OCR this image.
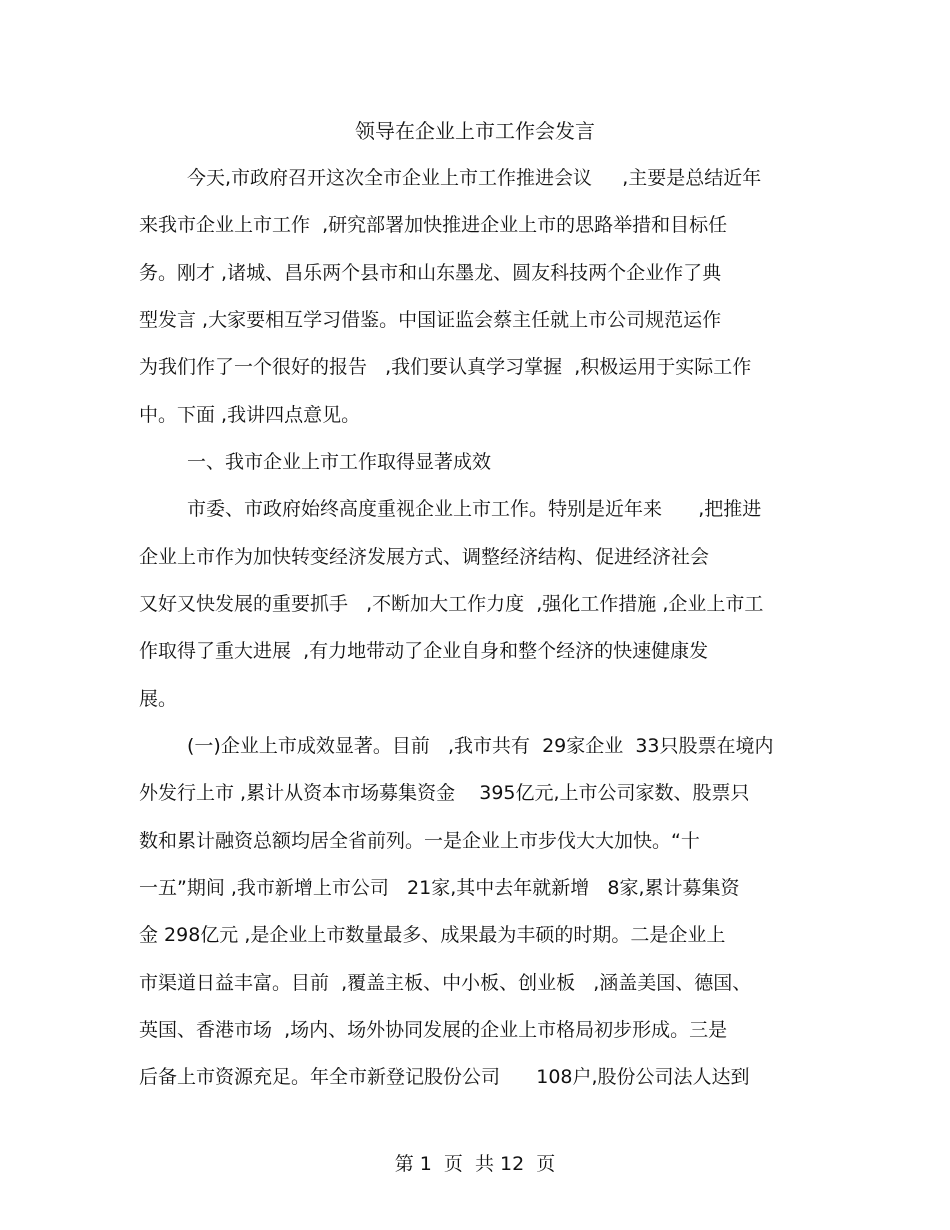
领导在企业上市工作会发言
今天,市政府召开这次全市企业上市工作推进会议     ,主要是总结近年
来我市企业上市工作  ,研究部署加快推进企业上市的思路举措和目标任
务。刚才 ,诸城、昌乐两个县市和山东墨龙、圆友科技两个企业作了典
型发言 ,大家要相互学习借鉴。中国证监会蔡主任就上市公司规范运作
为我们作了一个很好的报告   ,我们要认真学习掌握  ,积极运用于实际工作
中。下面 ,我讲四点意见。
一、我市企业上市工作取得显著成效
市委、市政府始终高度重视企业上市工作。特别是近年来      ,把推进
企业上市作为加快转变经济发展方式、调整经济结构、促进经济社会
又好又快发展的重要抓手   ,不断加大工作力度  ,强化工作措施 ,企业上市工
作取得了重大进展  ,有力地带动了企业自身和整个经济的快速健康发
展。
(一)企业上市成效显著。目前   ,我市共有  29家企业  33只股票在境内
外发行上市 ,累计从资本市场募集资金    395亿元,上市公司家数、股票只
数和累计融资总额均居全省前列。一是企业上市步伐大大加快。“十
一五”期间 ,我市新增上市公司   21家,其中去年就新增   8家,累计募集资
金 298亿元 ,是企业上市数量最多、成果最为丰硕的时期。二是企业上
市渠道日益丰富。目前  ,覆盖主板、中小板、创业板   ,涵盖美国、德国、
英国、香港市场  ,场内、场外协同发展的企业上市格局初步形成。三是
后备上市资源充足。年全市新登记股份公司      108户,股份公司法人达到
第 1  页  共 12  页
